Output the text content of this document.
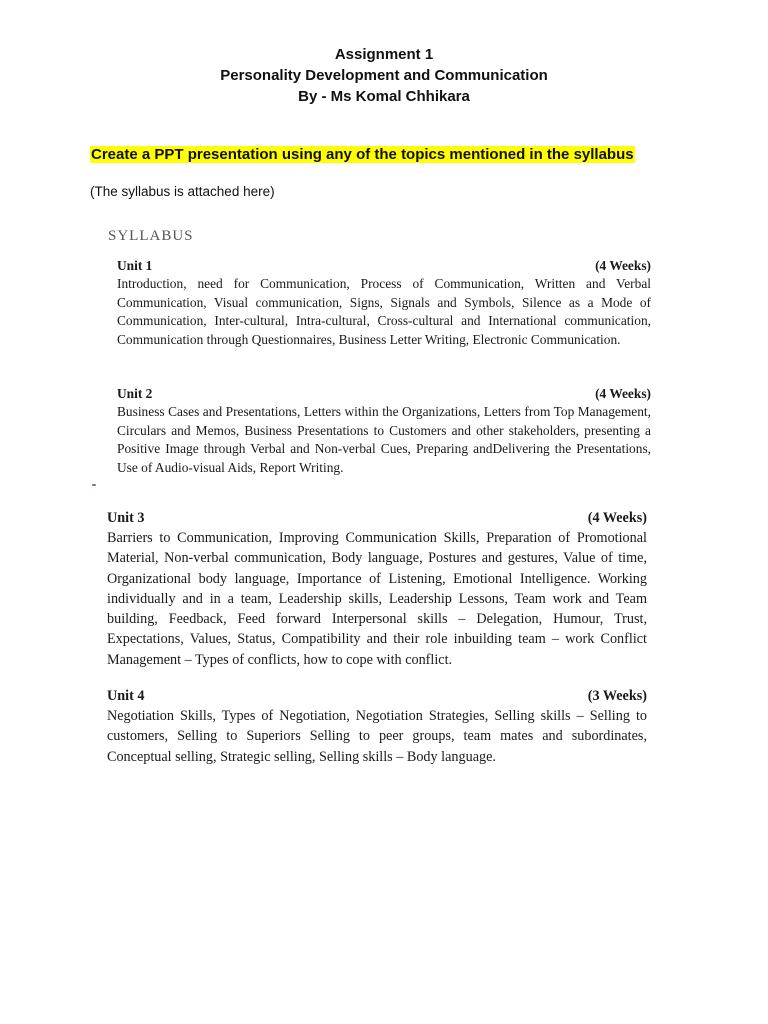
Assignment 1
Personality Development and Communication
By - Ms Komal Chhikara
Create a PPT presentation using any of the topics mentioned in the syllabus
(The syllabus is attached here)
SYLLABUS
Unit 1	(4 Weeks)
Introduction, need for Communication, Process of Communication, Written and Verbal Communication, Visual communication, Signs, Signals and Symbols, Silence as a Mode of Communication, Inter-cultural, Intra-cultural, Cross-cultural and International communication, Communication through Questionnaires, Business Letter Writing, Electronic Communication.
Unit 2	(4 Weeks)
Business Cases and Presentations, Letters within the Organizations, Letters from Top Management, Circulars and Memos, Business Presentations to Customers and other stakeholders, presenting a Positive Image through Verbal and Non-verbal Cues, Preparing andDelivering the Presentations, Use of Audio-visual Aids, Report Writing.
Unit 3	(4 Weeks)
Barriers to Communication, Improving Communication Skills, Preparation of Promotional Material, Non-verbal communication, Body language, Postures and gestures, Value of time, Organizational body language, Importance of Listening, Emotional Intelligence. Working individually and in a team, Leadership skills, Leadership Lessons, Team work and Team building, Feedback, Feed forward Interpersonal skills – Delegation, Humour, Trust, Expectations, Values, Status, Compatibility and their role inbuilding team – work Conflict Management – Types of conflicts, how to cope with conflict.
Unit 4	(3 Weeks)
Negotiation Skills, Types of Negotiation, Negotiation Strategies, Selling skills – Selling to customers, Selling to Superiors Selling to peer groups, team mates and subordinates, Conceptual selling, Strategic selling, Selling skills – Body language.
